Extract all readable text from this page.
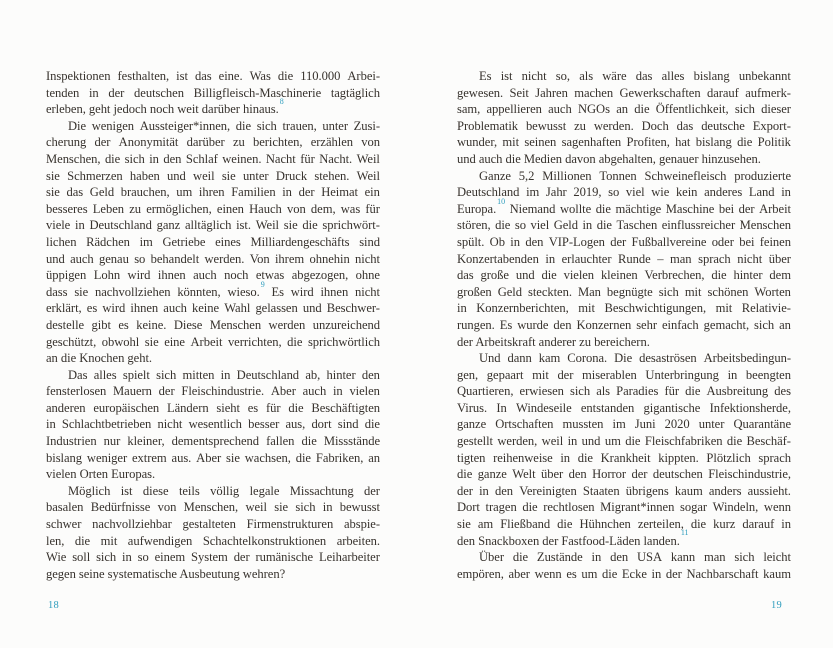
Inspektionen festhalten, ist das eine. Was die 110.000 Arbei-
tenden in der deutschen Billigfleisch-Maschinerie tagtäglich
erleben, geht jedoch noch weit darüber hinaus.$^8$
Die wenigen Aussteiger*innen, die sich trauen, unter Zusi-
cherung der Anonymität darüber zu berichten, erzählen von
Menschen, die sich in den Schlaf weinen. Nacht für Nacht. Weil
sie Schmerzen haben und weil sie unter Druck stehen. Weil
sie das Geld brauchen, um ihren Familien in der Heimat ein
besseres Leben zu ermöglichen, einen Hauch von dem, was für
viele in Deutschland ganz alltäglich ist. Weil sie die sprichwört-
lichen Rädchen im Getriebe eines Milliardengeschäfts sind
und auch genau so behandelt werden. Von ihrem ohnehin nicht
üppigen Lohn wird ihnen auch noch etwas abgezogen, ohne
dass sie nachvollziehen könnten, wieso.$^9$
Es wird ihnen nicht
erklärt, es wird ihnen auch keine Wahl gelassen und Beschwer-
destelle gibt es keine. Diese Menschen werden unzureichend
geschützt, obwohl sie eine Arbeit verrichten, die sprichwörtlich
an die Knochen geht.
Das alles spielt sich mitten in Deutschland ab, hinter den
fensterlosen Mauern der Fleischindustrie. Aber auch in vielen
anderen europäischen Ländern sieht es für die Beschäftigten
in Schlachtbetrieben nicht wesentlich besser aus, dort sind die
Industrien nur kleiner, dementsprechend fallen die Missstände
bislang weniger extrem aus. Aber sie wachsen, die Fabriken, an
vielen Orten Europas.
Möglich ist diese teils völlig legale Missachtung der
basalen Bedürfnisse von Menschen, weil sie sich in bewusst
schwer nachvollziehbar gestalteten Firmenstrukturen abspie-
len, die mit aufwendigen Schachtelkonstruktionen arbeiten.
Wie soll sich in so einem System der rumänische Leiharbeiter
gegen seine systematische Ausbeutung wehren?
18
Es ist nicht so, als wäre das alles bislang unbekannt
gewesen. Seit Jahren machen Gewerkschaften darauf aufmerk-
sam, appellieren auch NGOs an die Öffentlichkeit, sich dieser
Problematik bewusst zu werden. Doch das deutsche Export-
wunder, mit seinen sagenhaften Profiten, hat bislang die Politik
und auch die Medien davon abgehalten, genauer hinzusehen.
Ganze 5,2 Millionen Tonnen Schweinefleisch produzierte
Deutschland im Jahr 2019, so viel wie kein anderes Land in
Europa.$^{10}$
Niemand wollte die mächtige Maschine bei der Arbeit
stören, die so viel Geld in die Taschen einflussreicher Menschen
spült. Ob in den VIP-Logen der Fußballvereine oder bei feinen
Konzertabenden in erlauchter Runde – man sprach nicht über
das große und die vielen kleinen Verbrechen, die hinter dem
großen Geld steckten. Man begnügte sich mit schönen Worten
in Konzernberichten, mit Beschwichtigungen, mit Relativie-
rungen. Es wurde den Konzernen sehr einfach gemacht, sich an
der Arbeitskraft anderer zu bereichern.
Und dann kam Corona. Die desaströsen Arbeitsbedingun-
gen, gepaart mit der miserablen Unterbringung in beengten
Quartieren, erwiesen sich als Paradies für die Ausbreitung des
Virus. In Windeseile entstanden gigantische Infektionsherde,
ganze Ortschaften mussten im Juni 2020 unter Quarantäne
gestellt werden, weil in und um die Fleischfabriken die Beschäf-
tigten reihenweise in die Krankheit kippten. Plötzlich sprach
die ganze Welt über den Horror der deutschen Fleischindustrie,
der in den Vereinigten Staaten übrigens kaum anders aussieht.
Dort tragen die rechtlosen Migrant*innen sogar Windeln, wenn
sie am Fließband die Hühnchen zerteilen, die kurz darauf in
den Snackboxen der Fastfood-Läden landen.$^{11}$
Über die Zustände in den USA kann man sich leicht
empören, aber wenn es um die Ecke in der Nachbarschaft kaum
19
